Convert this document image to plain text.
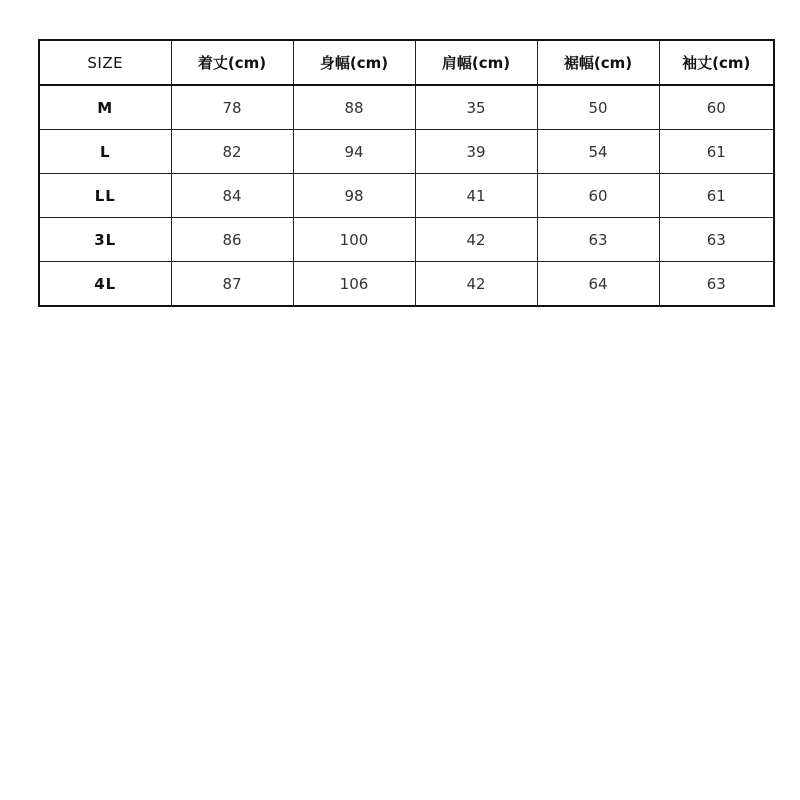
SIZE	着丈(cm)	身幅(cm)	肩幅(cm)	裾幅(cm)	袖丈(cm)
M	78	88	35	50	60
L	82	94	39	54	61
LL	84	98	41	60	61
3L	86	100	42	63	63
4L	87	106	42	64	63
